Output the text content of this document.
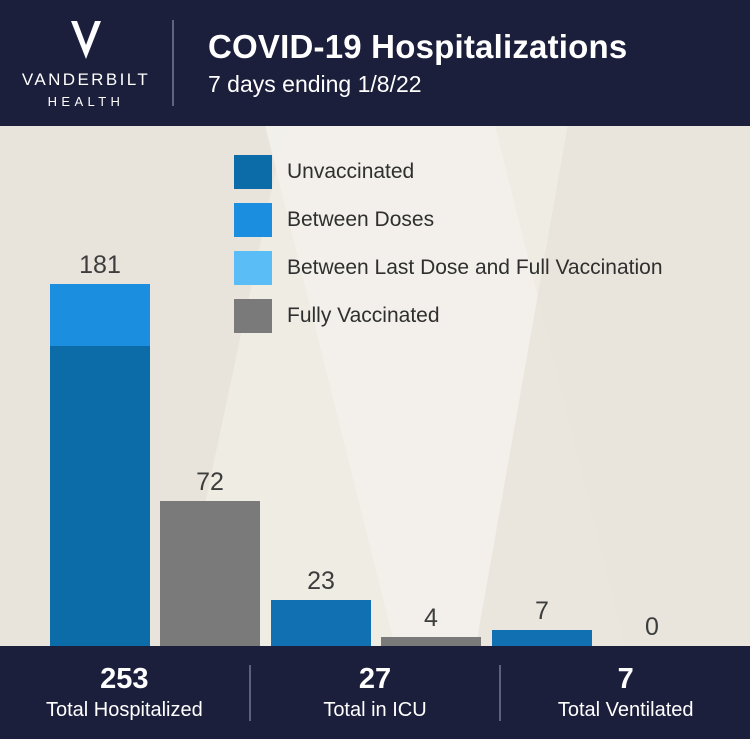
VANDERBILT
HEALTH
COVID-19 Hospitalizations
7 days ending 1/8/22
181
72
23
4	7
0
Unvaccinated
Between Doses
Between Last Dose and Full Vaccination
Fully Vaccinated
253
Total Hospitalized
27
Total in ICU
7
Total Ventilated
